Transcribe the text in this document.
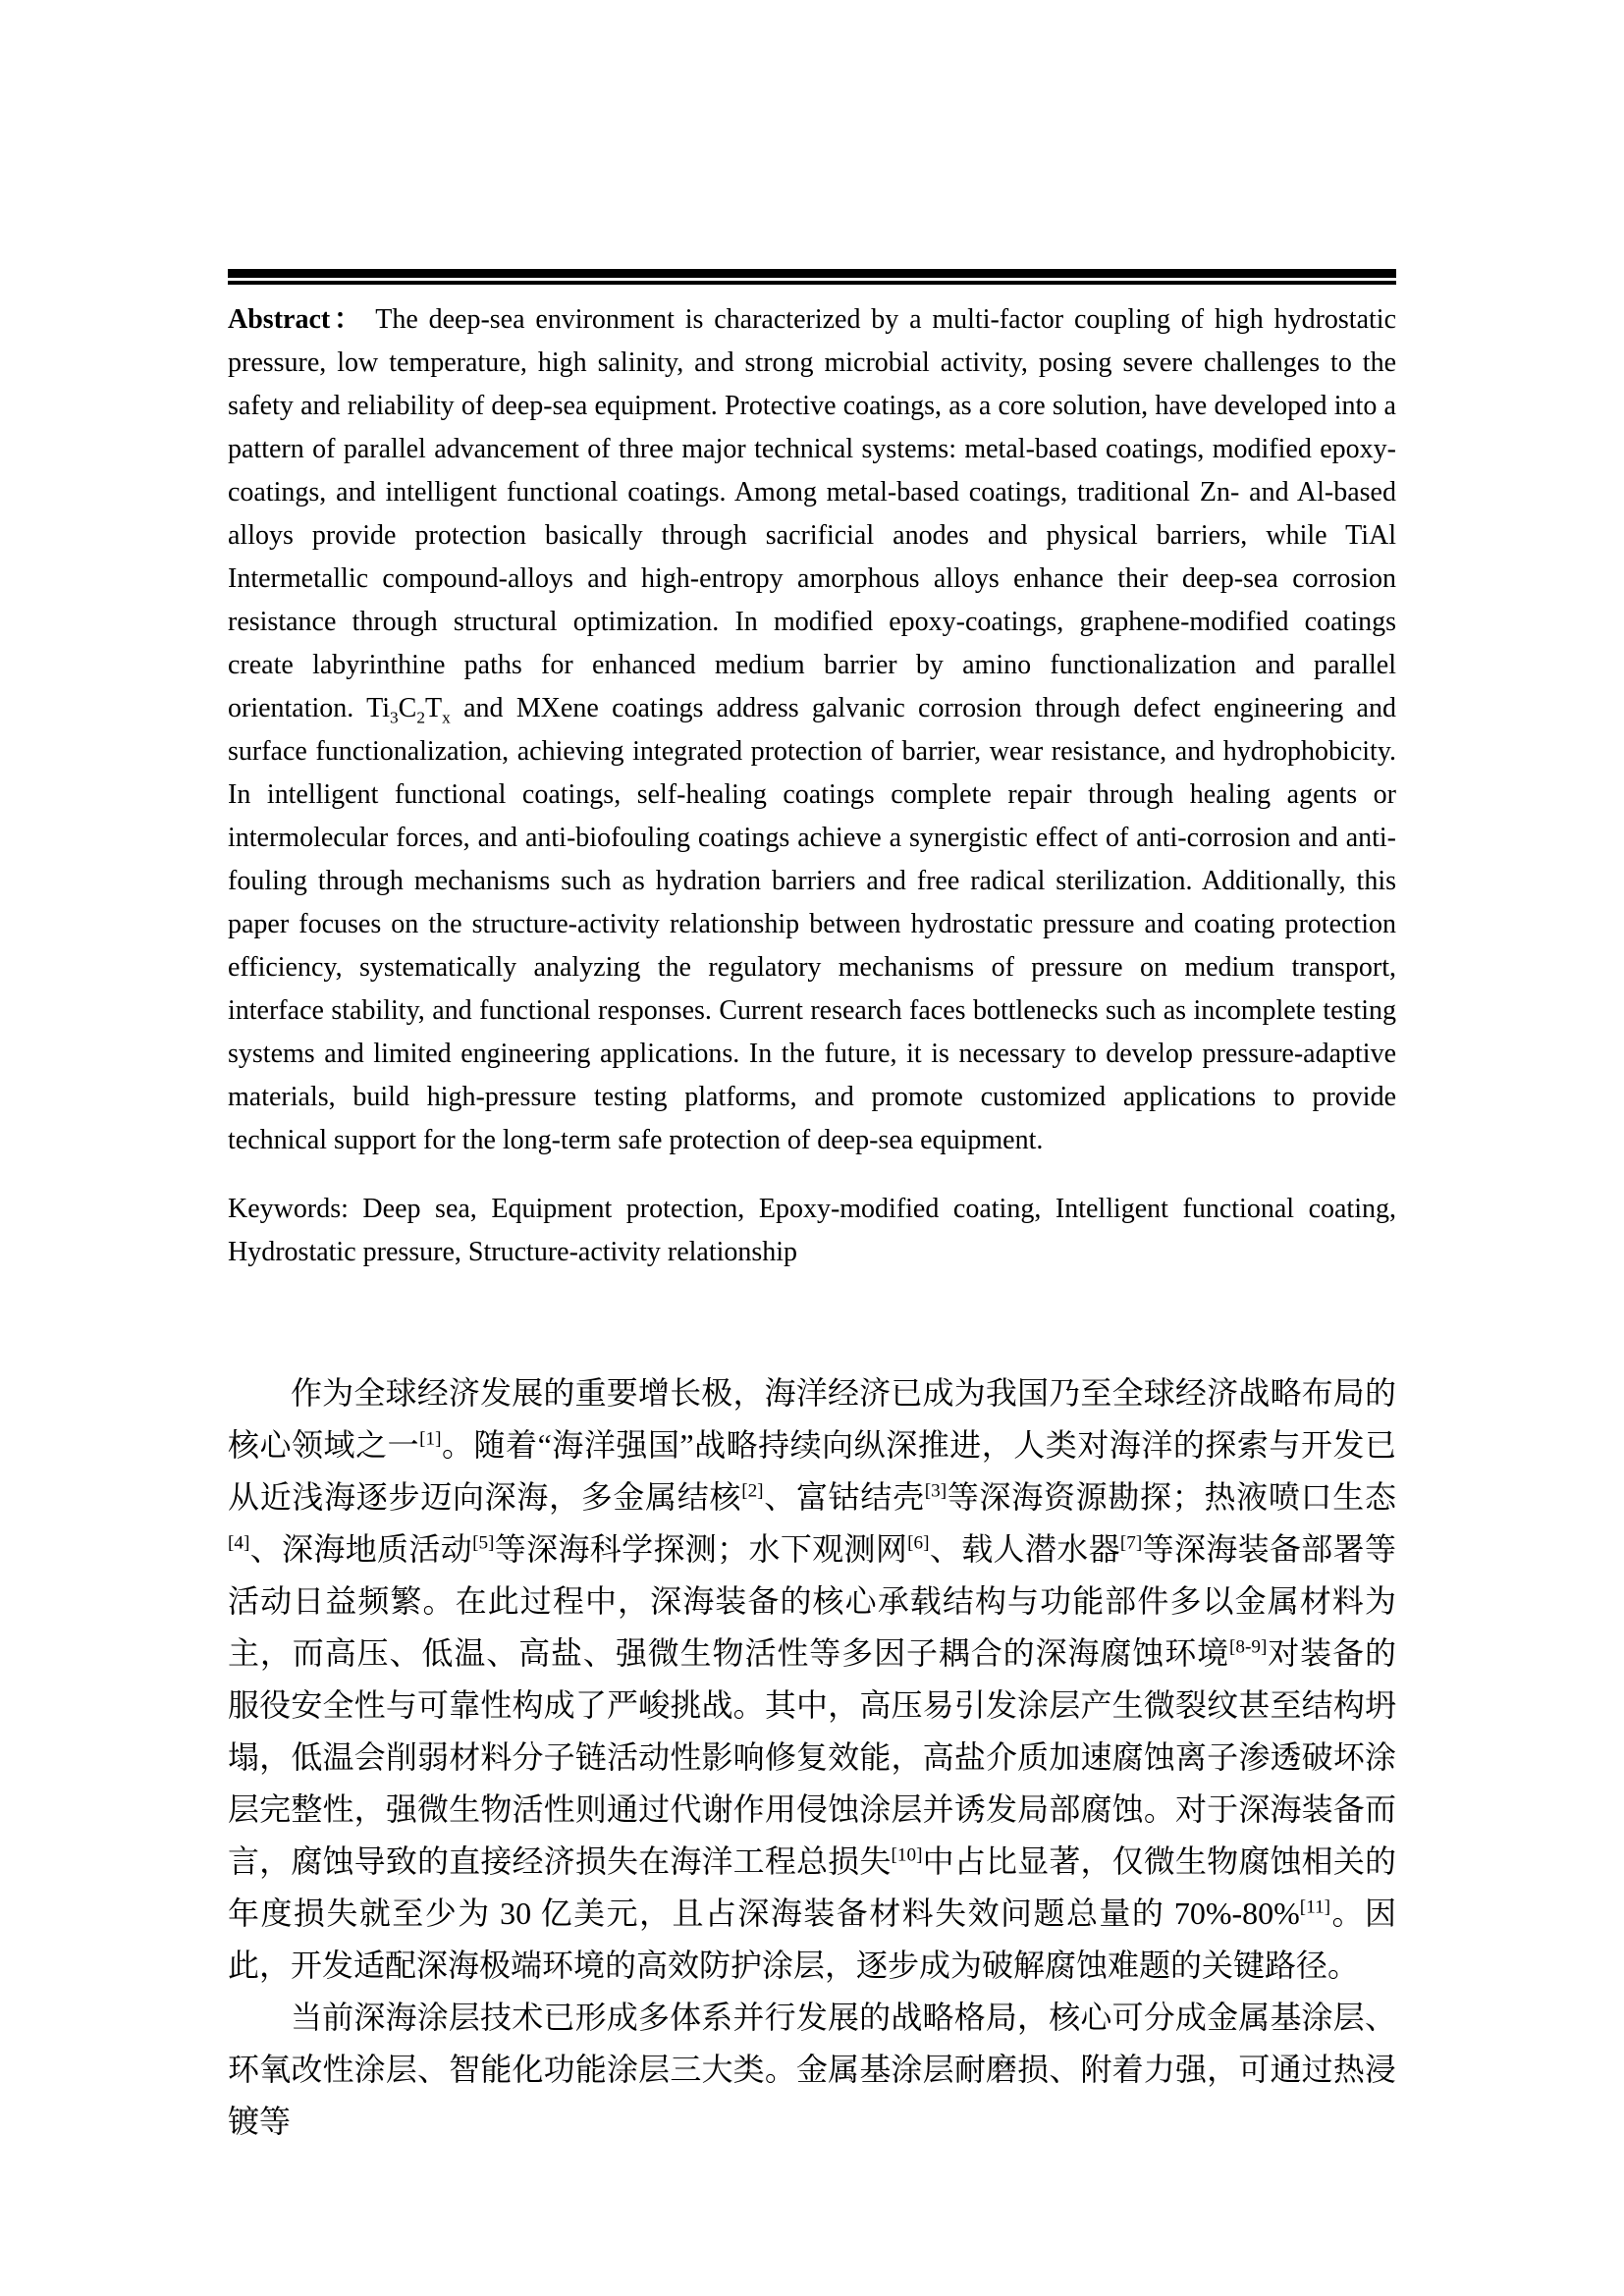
Abstract： The deep-sea environment is characterized by a multi-factor coupling of high hydrostatic pressure, low temperature, high salinity, and strong microbial activity, posing severe challenges to the safety and reliability of deep-sea equipment. Protective coatings, as a core solution, have developed into a pattern of parallel advancement of three major technical systems: metal-based coatings, modified epoxy-coatings, and intelligent functional coatings. Among metal-based coatings, traditional Zn- and Al-based alloys provide protection basically through sacrificial anodes and physical barriers, while TiAl Intermetallic compound-alloys and high-entropy amorphous alloys enhance their deep-sea corrosion resistance through structural optimization. In modified epoxy-coatings, graphene-modified coatings create labyrinthine paths for enhanced medium barrier by amino functionalization and parallel orientation. $Ti_3C_2T_x$ and MXene coatings address galvanic corrosion through defect engineering and surface functionalization, achieving integrated protection of barrier, wear resistance, and hydrophobicity. In intelligent functional coatings, self-healing coatings complete repair through healing agents or intermolecular forces, and anti-biofouling coatings achieve a synergistic effect of anti-corrosion and anti-fouling through mechanisms such as hydration barriers and free radical sterilization. Additionally, this paper focuses on the structure-activity relationship between hydrostatic pressure and coating protection efficiency, systematically analyzing the regulatory mechanisms of pressure on medium transport, interface stability, and functional responses. Current research faces bottlenecks such as incomplete testing systems and limited engineering applications. In the future, it is necessary to develop pressure-adaptive materials, build high-pressure testing platforms, and promote customized applications to provide technical support for the long-term safe protection of deep-sea equipment.

Keywords: Deep sea, Equipment protection, Epoxy-modified coating, Intelligent functional coating, Hydrostatic pressure, Structure-activity relationship

作为全球经济发展的重要增长极，海洋经济已成为我国乃至全球经济战略布局的核心领域之一[1]。随着“海洋强国”战略持续向纵深推进，人类对海洋的探索与开发已从近浅海逐步迈向深海，多金属结核[2]、富钴结壳[3]等深海资源勘探；热液喷口生态[4]、深海地质活动[5]等深海科学探测；水下观测网[6]、载人潜水器[7]等深海装备部署等活动日益频繁。在此过程中，深海装备的核心承载结构与功能部件多以金属材料为主，而高压、低温、高盐、强微生物活性等多因子耦合的深海腐蚀环境[8-9]对装备的服役安全性与可靠性构成了严峻挑战。其中，高压易引发涂层产生微裂纹甚至结构坍塌，低温会削弱材料分子链活动性影响修复效能，高盐介质加速腐蚀离子渗透破坏涂层完整性，强微生物活性则通过代谢作用侵蚀涂层并诱发局部腐蚀。对于深海装备而言，腐蚀导致的直接经济损失在海洋工程总损失[10]中占比显著，仅微生物腐蚀相关的年度损失就至少为 30 亿美元，且占深海装备材料失效问题总量的 70%-80%[11]。因此，开发适配深海极端环境的高效防护涂层，逐步成为破解腐蚀难题的关键路径。

当前深海涂层技术已形成多体系并行发展的战略格局，核心可分成金属基涂层、环氧改性涂层、智能化功能涂层三大类。金属基涂层耐磨损、附着力强，可通过热浸镀等
